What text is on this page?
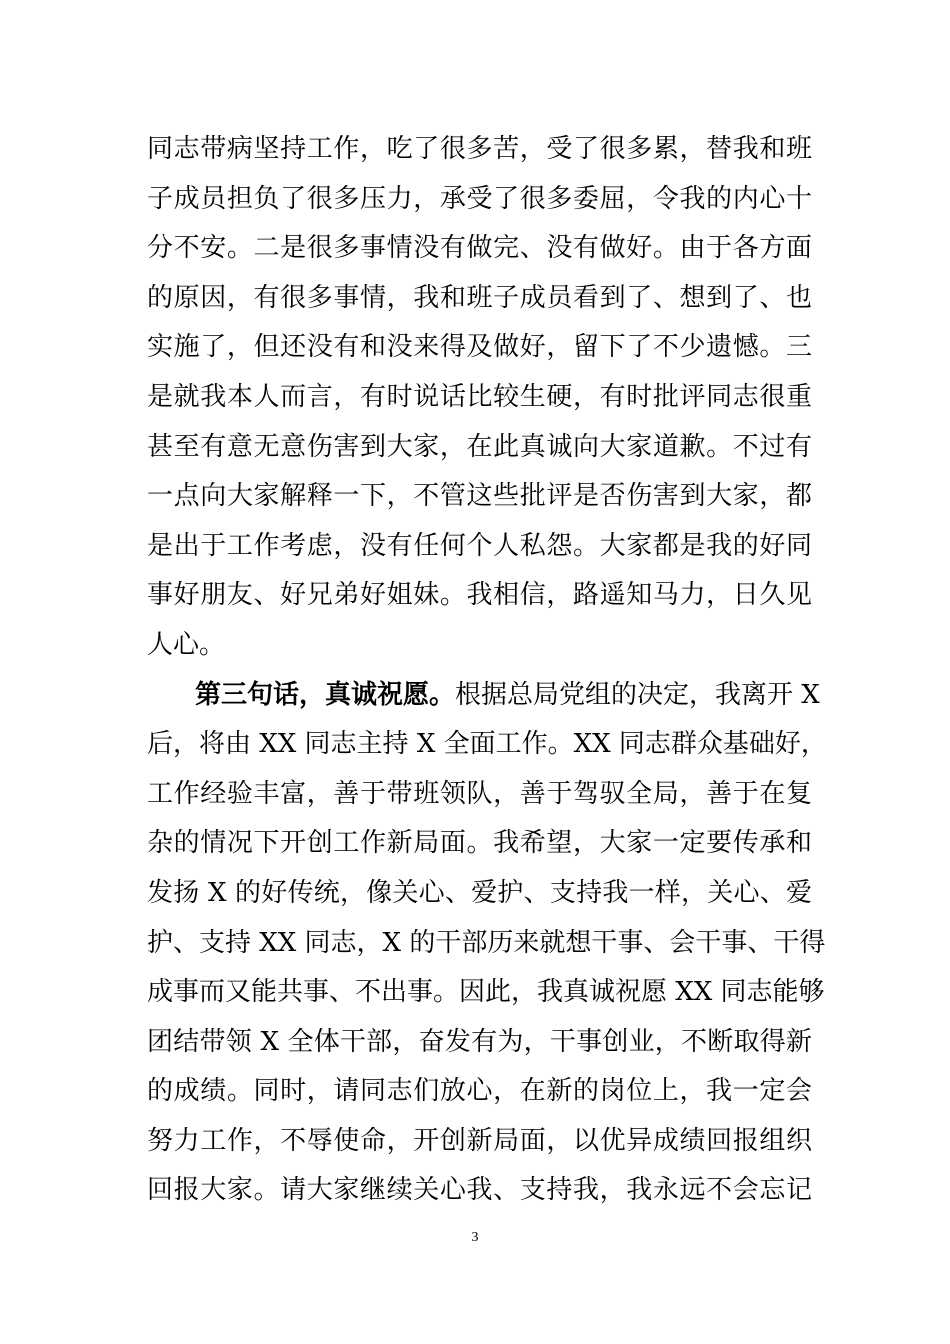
同志带病坚持工作，吃了很多苦，受了很多累，替我和班
子成员担负了很多压力，承受了很多委屈，令我的内心十
分不安。二是很多事情没有做完、没有做好。由于各方面
的原因，有很多事情，我和班子成员看到了、想到了、也
实施了，但还没有和没来得及做好，留下了不少遗憾。三
是就我本人而言，有时说话比较生硬，有时批评同志很重
甚至有意无意伤害到大家，在此真诚向大家道歉。不过有
一点向大家解释一下，不管这些批评是否伤害到大家，都
是出于工作考虑，没有任何个人私怨。大家都是我的好同
事好朋友、好兄弟好姐妹。我相信，路遥知马力，日久见
人心。
第三句话，真诚祝愿。根据总局党组的决定，我离开 X
后，将由 XX 同志主持 X 全面工作。XX 同志群众基础好，
工作经验丰富，善于带班领队，善于驾驭全局，善于在复
杂的情况下开创工作新局面。我希望，大家一定要传承和
发扬 X 的好传统，像关心、爱护、支持我一样，关心、爱
护、支持 XX 同志，X 的干部历来就想干事、会干事、干得
成事而又能共事、不出事。因此，我真诚祝愿 XX 同志能够
团结带领 X 全体干部，奋发有为，干事创业，不断取得新
的成绩。同时，请同志们放心，在新的岗位上，我一定会
努力工作，不辱使命，开创新局面，以优异成绩回报组织
回报大家。请大家继续关心我、支持我，我永远不会忘记
3
